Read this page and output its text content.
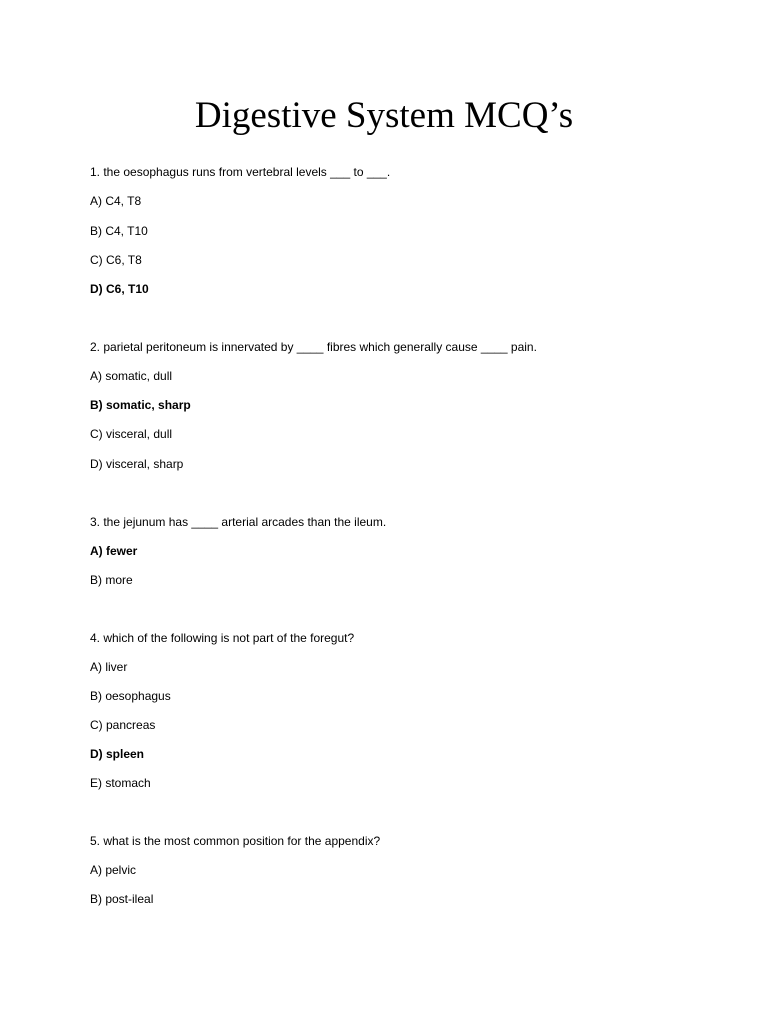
Digestive System MCQ’s

1. the oesophagus runs from vertebral levels ___ to ___.

A) C4, T8

B) C4, T10

C) C6, T8

D) C6, T10

2. parietal peritoneum is innervated by ____ fibres which generally cause ____ pain.

A) somatic, dull

B) somatic, sharp

C) visceral, dull

D) visceral, sharp

3. the jejunum has ____ arterial arcades than the ileum.

A) fewer

B) more

4. which of the following is not part of the foregut?

A) liver

B) oesophagus

C) pancreas

D) spleen

E) stomach

5. what is the most common position for the appendix?

A) pelvic

B) post-ileal
